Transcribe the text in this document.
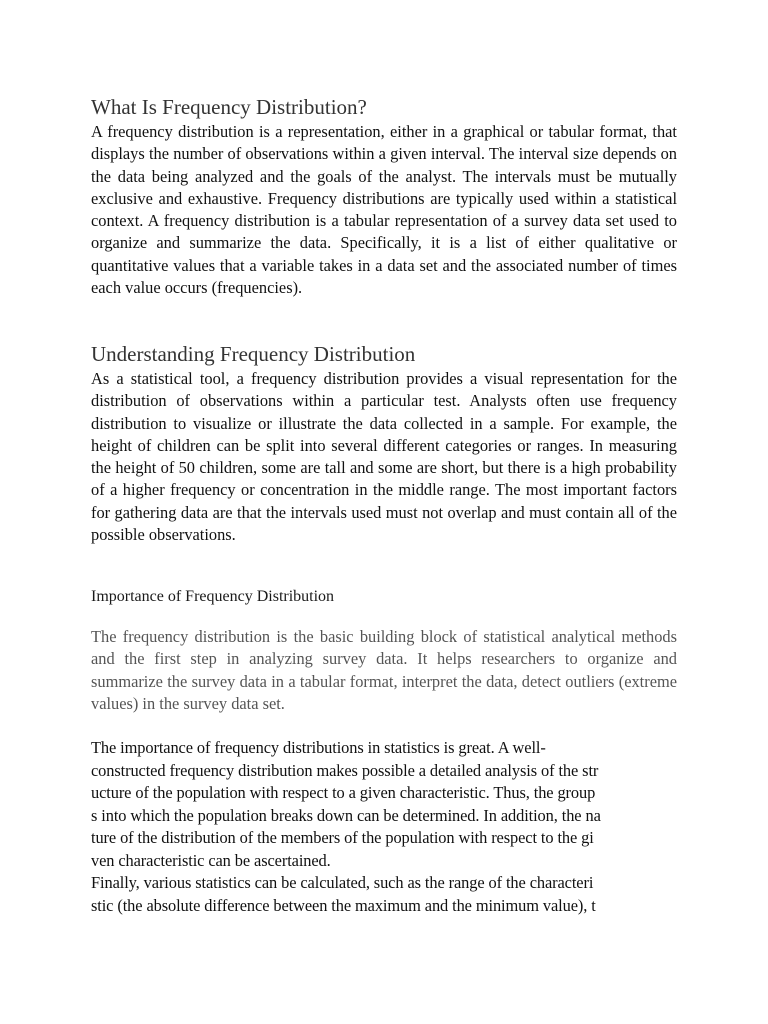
What Is Frequency Distribution?

A frequency distribution is a representation, either in a graphical or tabular format, that displays the number of observations within a given interval. The interval size depends on the data being analyzed and the goals of the analyst. The intervals must be mutually exclusive and exhaustive. Frequency distributions are typically used within a statistical context. A frequency distribution is a tabular representation of a survey data set used to organize and summarize the data. Specifically, it is a list of either qualitative or quantitative values that a variable takes in a data set and the associated number of times each value occurs (frequencies).

Understanding Frequency Distribution

As a statistical tool, a frequency distribution provides a visual representation for the distribution of observations within a particular test. Analysts often use frequency distribution to visualize or illustrate the data collected in a sample. For example, the height of children can be split into several different categories or ranges. In measuring the height of 50 children, some are tall and some are short, but there is a high probability of a higher frequency or concentration in the middle range. The most important factors for gathering data are that the intervals used must not overlap and must contain all of the possible observations.

Importance of Frequency Distribution

The frequency distribution is the basic building block of statistical analytical methods and the first step in analyzing survey data. It helps researchers to organize and summarize the survey data in a tabular format, interpret the data, detect outliers (extreme values) in the survey data set.

The importance of frequency distributions in statistics is great. A well-
constructed frequency distribution makes possible a detailed analysis of the str
ucture of the population with respect to a given characteristic. Thus, the group
s into which the population breaks down can be determined. In addition, the na
ture of the distribution of the members of the population with respect to the gi
ven characteristic can be ascertained.
Finally, various statistics can be calculated, such as the range of the characteri
stic (the absolute difference between the maximum and the minimum value), t
